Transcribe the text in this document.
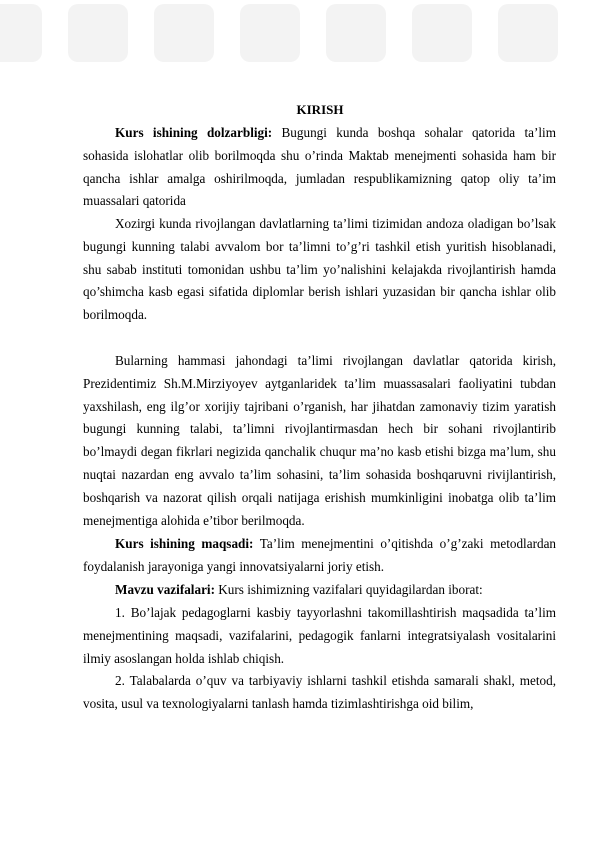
KIRISH

Kurs ishining dolzarbligi: Bugungi kunda boshqa sohalar qatorida ta’lim sohasida islohatlar olib borilmoqda shu o’rinda Maktab menejmenti sohasida ham bir qancha ishlar amalga oshirilmoqda, jumladan respublikamizning qatop oliy ta’im muassalari qatorida

Xozirgi kunda rivojlangan davlatlarning ta’limi tizimidan andoza oladigan bo’lsak bugungi kunning talabi avvalom bor ta’limni to’g’ri tashkil etish yuritish hisoblanadi, shu sabab instituti tomonidan ushbu ta’lim yo’nalishini kelajakda rivojlantirish hamda qo’shimcha kasb egasi sifatida diplomlar berish ishlari yuzasidan bir qancha ishlar olib borilmoqda.

Bularning hammasi jahondagi ta’limi rivojlangan davlatlar qatorida kirish, Prezidentimiz Sh.M.Mirziyoyev aytganlaridek ta’lim muassasalari faoliyatini tubdan yaxshilash, eng ilg’or xorijiy tajribani o’rganish, har jihatdan zamonaviy tizim yaratish bugungi kunning talabi, ta’limni rivojlantirmasdan hech bir sohani rivojlantirib bo’lmaydi degan fikrlari negizida qanchalik chuqur ma’no kasb etishi bizga ma’lum, shu nuqtai nazardan eng avvalo ta’lim sohasini, ta’lim sohasida boshqaruvni rivijlantirish, boshqarish va nazorat qilish orqali natijaga erishish mumkinligini inobatga olib ta’lim menejmentiga alohida e’tibor berilmoqda.

Kurs ishining maqsadi: Ta’lim menejmentini o’qitishda o’g’zaki metodlardan foydalanish jarayoniga yangi innovatsiyalarni joriy etish.

Mavzu vazifalari: Kurs ishimizning vazifalari quyidagilardan iborat:

1. Bo’lajak pedagoglarni kasbiy tayyorlashni takomillashtirish maqsadida ta’lim menejmentining maqsadi, vazifalarini, pedagogik fanlarni integratsiyalash vositalarini ilmiy asoslangan holda ishlab chiqish.

2. Talabalarda o’quv va tarbiyaviy ishlarni tashkil etishda samarali shakl, metod, vosita, usul va texnologiyalarni tanlash hamda tizimlashtirishga oid bilim,
